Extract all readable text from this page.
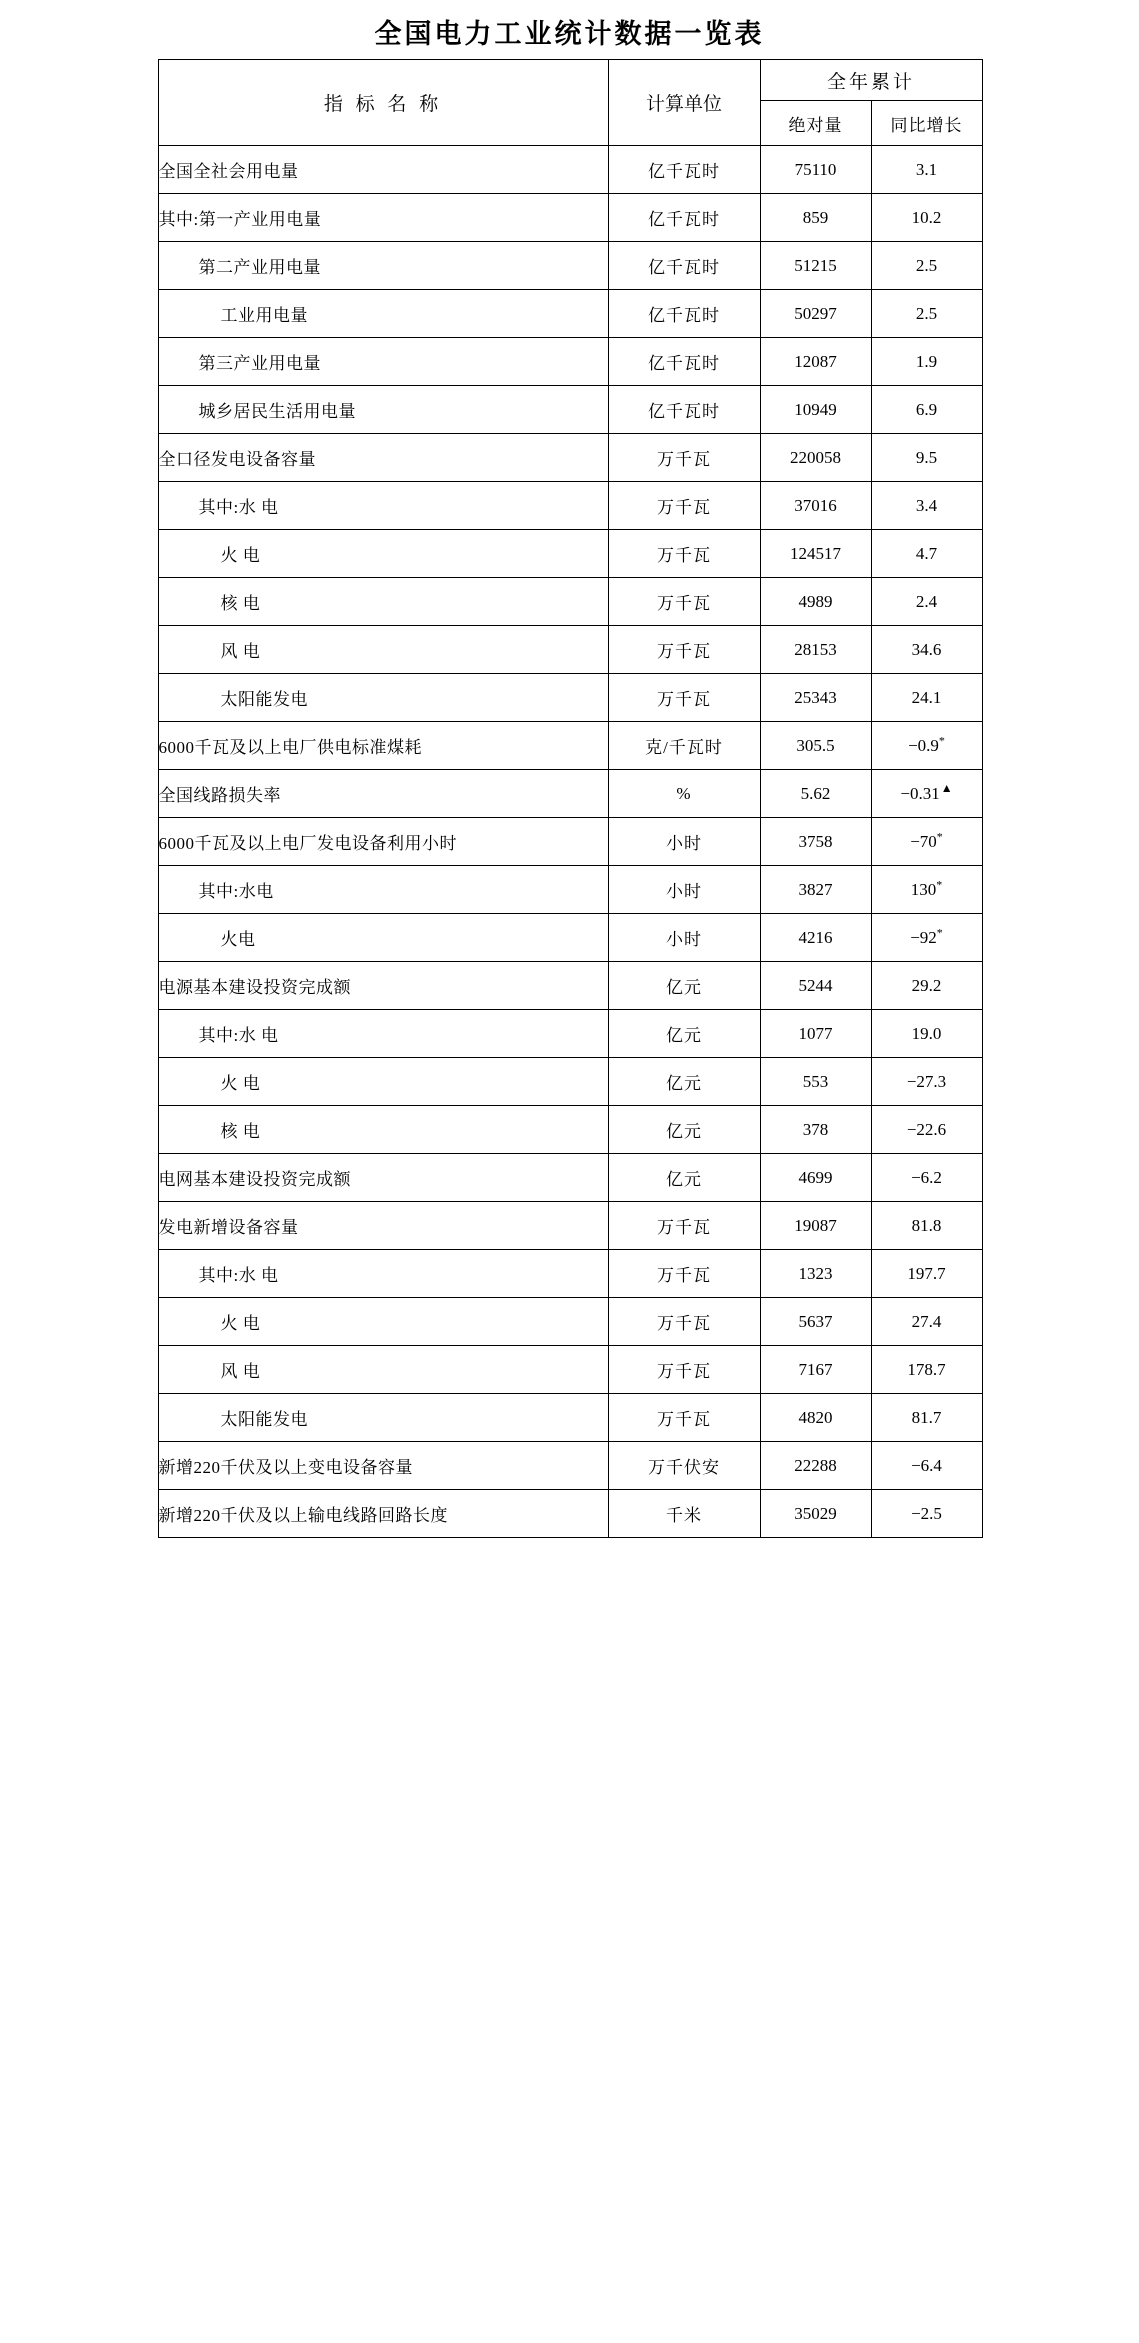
全国电力工业统计数据一览表
指 标 名 称	计算单位	全年累计	
		绝对量	同比增长
全国全社会用电量	亿千瓦时	75110	3.1
其中:第一产业用电量	亿千瓦时	859	10.2
第二产业用电量	亿千瓦时	51215	2.5
工业用电量	亿千瓦时	50297	2.5
第三产业用电量	亿千瓦时	12087	1.9
城乡居民生活用电量	亿千瓦时	10949	6.9
全口径发电设备容量	万千瓦	220058	9.5
其中:水 电	万千瓦	37016	3.4
火 电	万千瓦	124517	4.7
核 电	万千瓦	4989	2.4
风 电	万千瓦	28153	34.6
太阳能发电	万千瓦	25343	24.1
6000千瓦及以上电厂供电标准煤耗	克/千瓦时	305.5	−0.9*
全国线路损失率	%	5.62	−0.31▲
6000千瓦及以上电厂发电设备利用小时	小时	3758	−70*
其中:水电	小时	3827	130*
火电	小时	4216	−92*
电源基本建设投资完成额	亿元	5244	29.2
其中:水 电	亿元	1077	19.0
火 电	亿元	553	−27.3
核 电	亿元	378	−22.6
电网基本建设投资完成额	亿元	4699	−6.2
发电新增设备容量	万千瓦	19087	81.8
其中:水 电	万千瓦	1323	197.7
火 电	万千瓦	5637	27.4
风 电	万千瓦	7167	178.7
太阳能发电	万千瓦	4820	81.7
新增220千伏及以上变电设备容量	万千伏安	22288	−6.4
新增220千伏及以上输电线路回路长度	千米	35029	−2.5
